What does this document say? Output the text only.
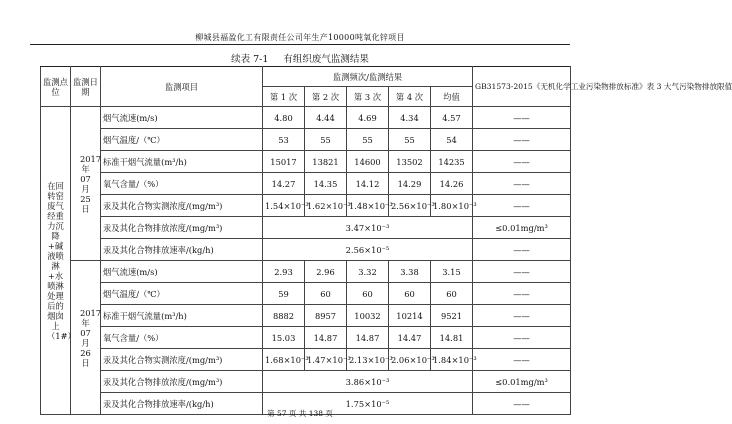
柳城县福盈化工有限责任公司年生产10000吨氧化锌项目
续表 7-1 有组织废气监测结果
监测点位	监测日期	监测项目	监测频次/监测结果					GB31573-2015《无机化学工业污染物排放标准》表 3 大气污染物排放限值
			第 1 次	第 2 次	第 3 次	第 4 次	均值	
在回转窑废气经重力沉降+碱液喷淋+水喷淋处理后的烟囱上（1#）	2017年07月25日	烟气流速(m/s)	4.80	4.44	4.69	4.34	4.57	——
		烟气温度/（℃）	53	55	55	55	54	——
		标准干烟气流量(m³/h)	15017	13821	14600	13502	14235	——
		氧气含量/（%）	14.27	14.35	14.12	14.29	14.26	——
		汞及其化合物实测浓度/(mg/m³)	1.54×10⁻³	1.62×10⁻³	1.48×10⁻³	2.56×10⁻³	1.80×10⁻³	——
		汞及其化合物排放浓度/(mg/m³)	3.47×10⁻³					≤0.01mg/m³
		汞及其化合物排放速率/(kg/h)	2.56×10⁻⁵					——
	2017年07月26日	烟气流速(m/s)	2.93	2.96	3.32	3.38	3.15	——
		烟气温度/（℃）	59	60	60	60	60	——
		标准干烟气流量(m³/h)	8882	8957	10032	10214	9521	——
		氧气含量/（%）	15.03	14.87	14.87	14.47	14.81	——
		汞及其化合物实测浓度/(mg/m³)	1.68×10⁻³	1.47×10⁻³	2.13×10⁻³	2.06×10⁻³	1.84×10⁻³	——
		汞及其化合物排放浓度/(mg/m³)	3.86×10⁻³					≤0.01mg/m³
		汞及其化合物排放速率/(kg/h)	1.75×10⁻⁵					——
第 57 页 共 138 页
